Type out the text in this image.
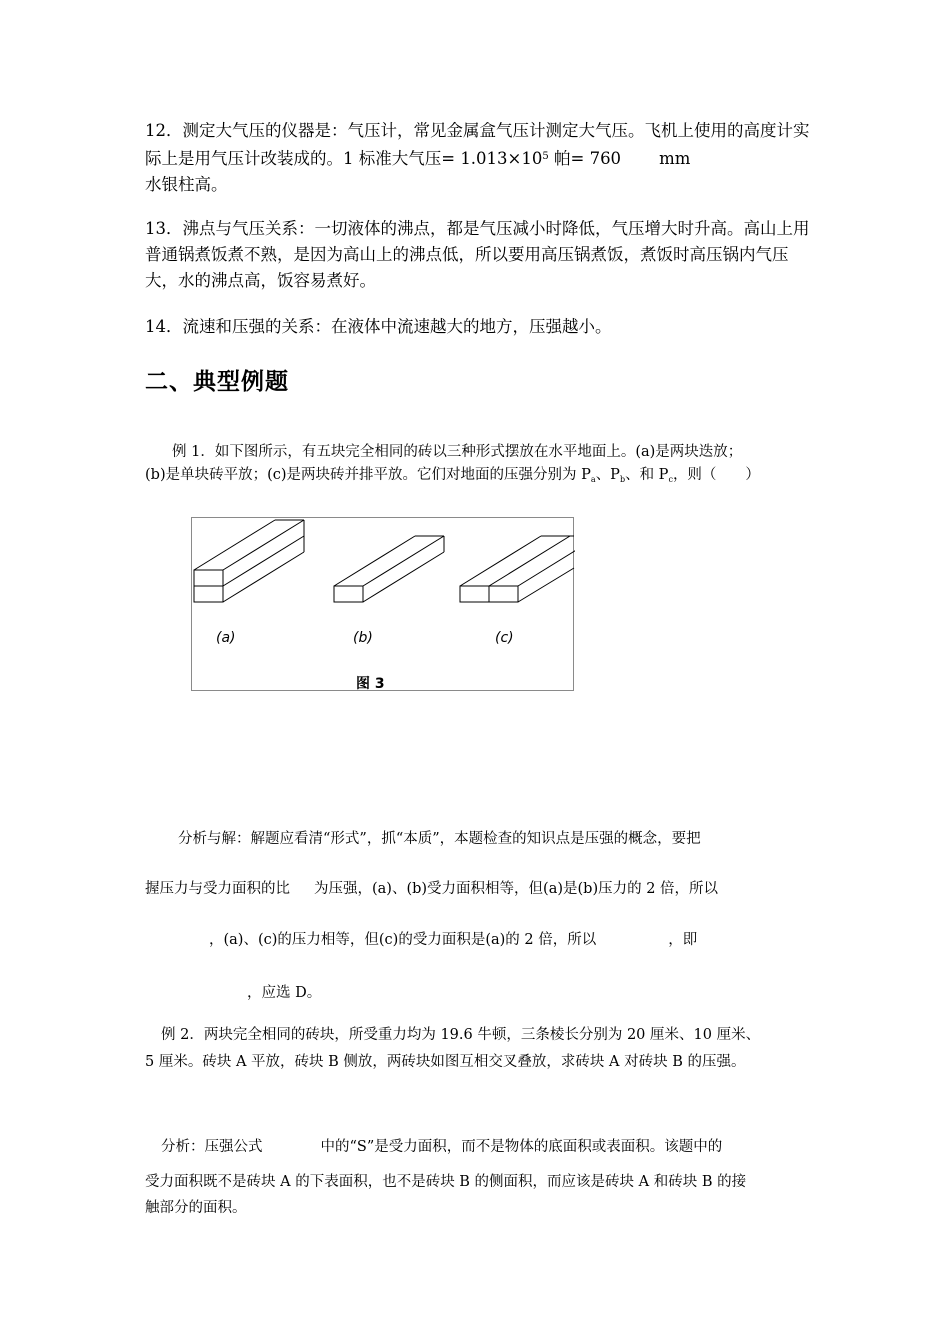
12．测定大气压的仪器是：气压计，常见金属盒气压计测定大气压。飞机上使用的高度计实际上是用气压计改装成的。1 标准大气压= $1.013\times 10^5$ 帕= 760 mm
水银柱高。

13．沸点与气压关系：一切液体的沸点，都是气压减小时降低，气压增大时升高。高山上用普通锅煮饭煮不熟，是因为高山上的沸点低，所以要用高压锅煮饭，煮饭时高压锅内气压大，水的沸点高，饭容易煮好。

14．流速和压强的关系：在液体中流速越大的地方，压强越小。

二、典型例题

例 1．如下图所示，有五块完全相同的砖以三种形式摆放在水平地面上。(a)是两块迭放；

(b)是单块砖平放；(c)是两块砖并排平放。它们对地面的压强分别为 $P_a$、$P_b$、和 $P_c$，则（　　）

(a)	(b)	(c)
图 3

分析与解：解题应看清“形式”，抓“本质”，本题检查的知识点是压强的概念，要把

握压力与受力面积的比 为压强，(a)、(b)受力面积相等，但(a)是(b)压力的 2 倍，所以

，(a)、(c)的压力相等，但(c)的受力面积是(a)的 2 倍，所以	，即

，应选 D。

例 2．两块完全相同的砖块，所受重力均为 19.6 牛顿，三条棱长分别为 20 厘米、10 厘米、

5 厘米。砖块 A 平放，砖块 B 侧放，两砖块如图互相交叉叠放，求砖块 A 对砖块 B 的压强。

分析：压强公式	中的“S”是受力面积，而不是物体的底面积或表面积。该题中的

受力面积既不是砖块 A 的下表面积，也不是砖块 B 的侧面积，而应该是砖块 A 和砖块 B 的接

触部分的面积。
